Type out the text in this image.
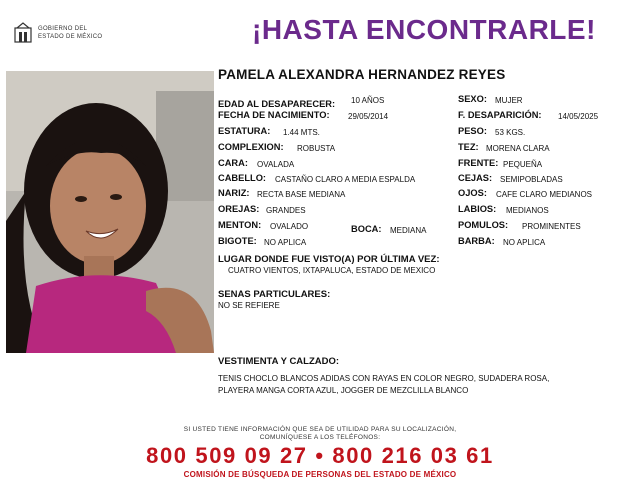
GOBIERNO DEL
ESTADO DE MÉXICO	¡HASTA ENCONTRARLE!
PAMELA ALEXANDRA HERNANDEZ REYES
EDAD AL DESAPARECER: 10 AÑOS
FECHA DE NACIMIENTO: 29/05/2014
ESTATURA: 1.44 MTS.
COMPLEXION: ROBUSTA
CARA: OVALADA
CABELLO: CASTAÑO CLARO A MEDIA ESPALDA
NARIZ: RECTA BASE MEDIANA
OREJAS: GRANDES
MENTON: OVALADO	BOCA: MEDIANA
BIGOTE: NO APLICA
SEXO: MUJER
F. DESAPARICIÓN: 14/05/2025
PESO: 53 KGS.
TEZ: MORENA CLARA
FRENTE: PEQUEÑA
CEJAS: SEMIPOBLADAS
OJOS: CAFE CLARO MEDIANOS
LABIOS: MEDIANOS
POMULOS: PROMINENTES
BARBA: NO APLICA
LUGAR DONDE FUE VISTO(A) POR ÚLTIMA VEZ:
CUATRO VIENTOS, IXTAPALUCA, ESTADO DE MEXICO
SENAS PARTICULARES:
NO SE REFIERE
VESTIMENTA Y CALZADO:
TENIS CHOCLO BLANCOS ADIDAS CON RAYAS EN COLOR NEGRO, SUDADERA ROSA,
PLAYERA MANGA CORTA AZUL, JOGGER DE MEZCLILLA BLANCO
SI USTED TIENE INFORMACIÓN QUE SEA DE UTILIDAD PARA SU LOCALIZACIÓN,
COMUNÍQUESE A LOS TELÉFONOS:
800 509 09 27 • 800 216 03 61
COMISIÓN DE BÚSQUEDA DE PERSONAS DEL ESTADO DE MÉXICO
